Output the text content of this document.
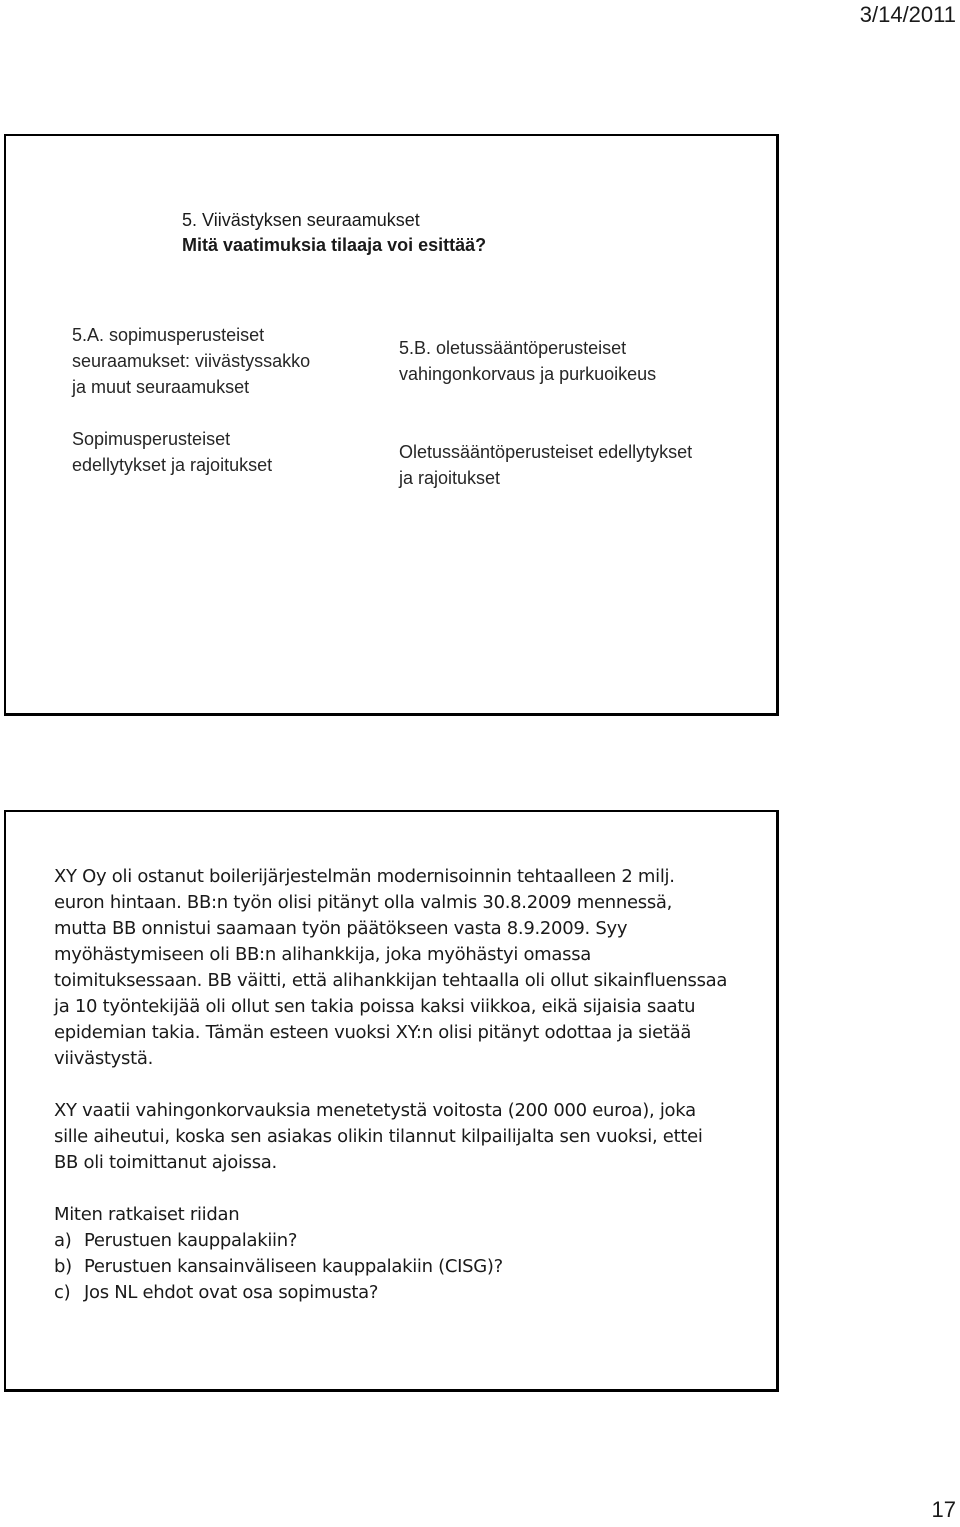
3/14/2011
5. Viivästyksen seuraamukset
Mitä vaatimuksia tilaaja voi esittää?
5.A. sopimusperusteiset
seuraamukset: viivästyssakko
ja muut seuraamukset
Sopimusperusteiset
edellytykset ja rajoitukset
5.B. oletussääntöperusteiset
vahingonkorvaus ja purkuoikeus
Oletussääntöperusteiset edellytykset
ja rajoitukset

XY Oy oli ostanut boilerijärjestelmän modernisoinnin tehtaalleen 2 milj.
euron hintaan. BB:n työn olisi pitänyt olla valmis 30.8.2009 mennessä,
mutta BB onnistui saamaan työn päätökseen vasta 8.9.2009. Syy
myöhästymiseen oli BB:n alihankkija, joka myöhästyi omassa
toimituksessaan. BB väitti, että alihankkijan tehtaalla oli ollut sikainfluenssaa
ja 10 työntekijää oli ollut sen takia poissa kaksi viikkoa, eikä sijaisia saatu
epidemian takia. Tämän esteen vuoksi XY:n olisi pitänyt odottaa ja sietää
viivästystä.

XY vaatii vahingonkorvauksia menetetystä voitosta (200 000 euroa), joka
sille aiheutui, koska sen asiakas olikin tilannut kilpailijalta sen vuoksi, ettei
BB oli toimittanut ajoissa.

Miten ratkaiset riidan

a) Perustuen kauppalakiin?
b) Perustuen kansainväliseen kauppalakiin (CISG)?
c) Jos NL ehdot ovat osa sopimusta?
17
